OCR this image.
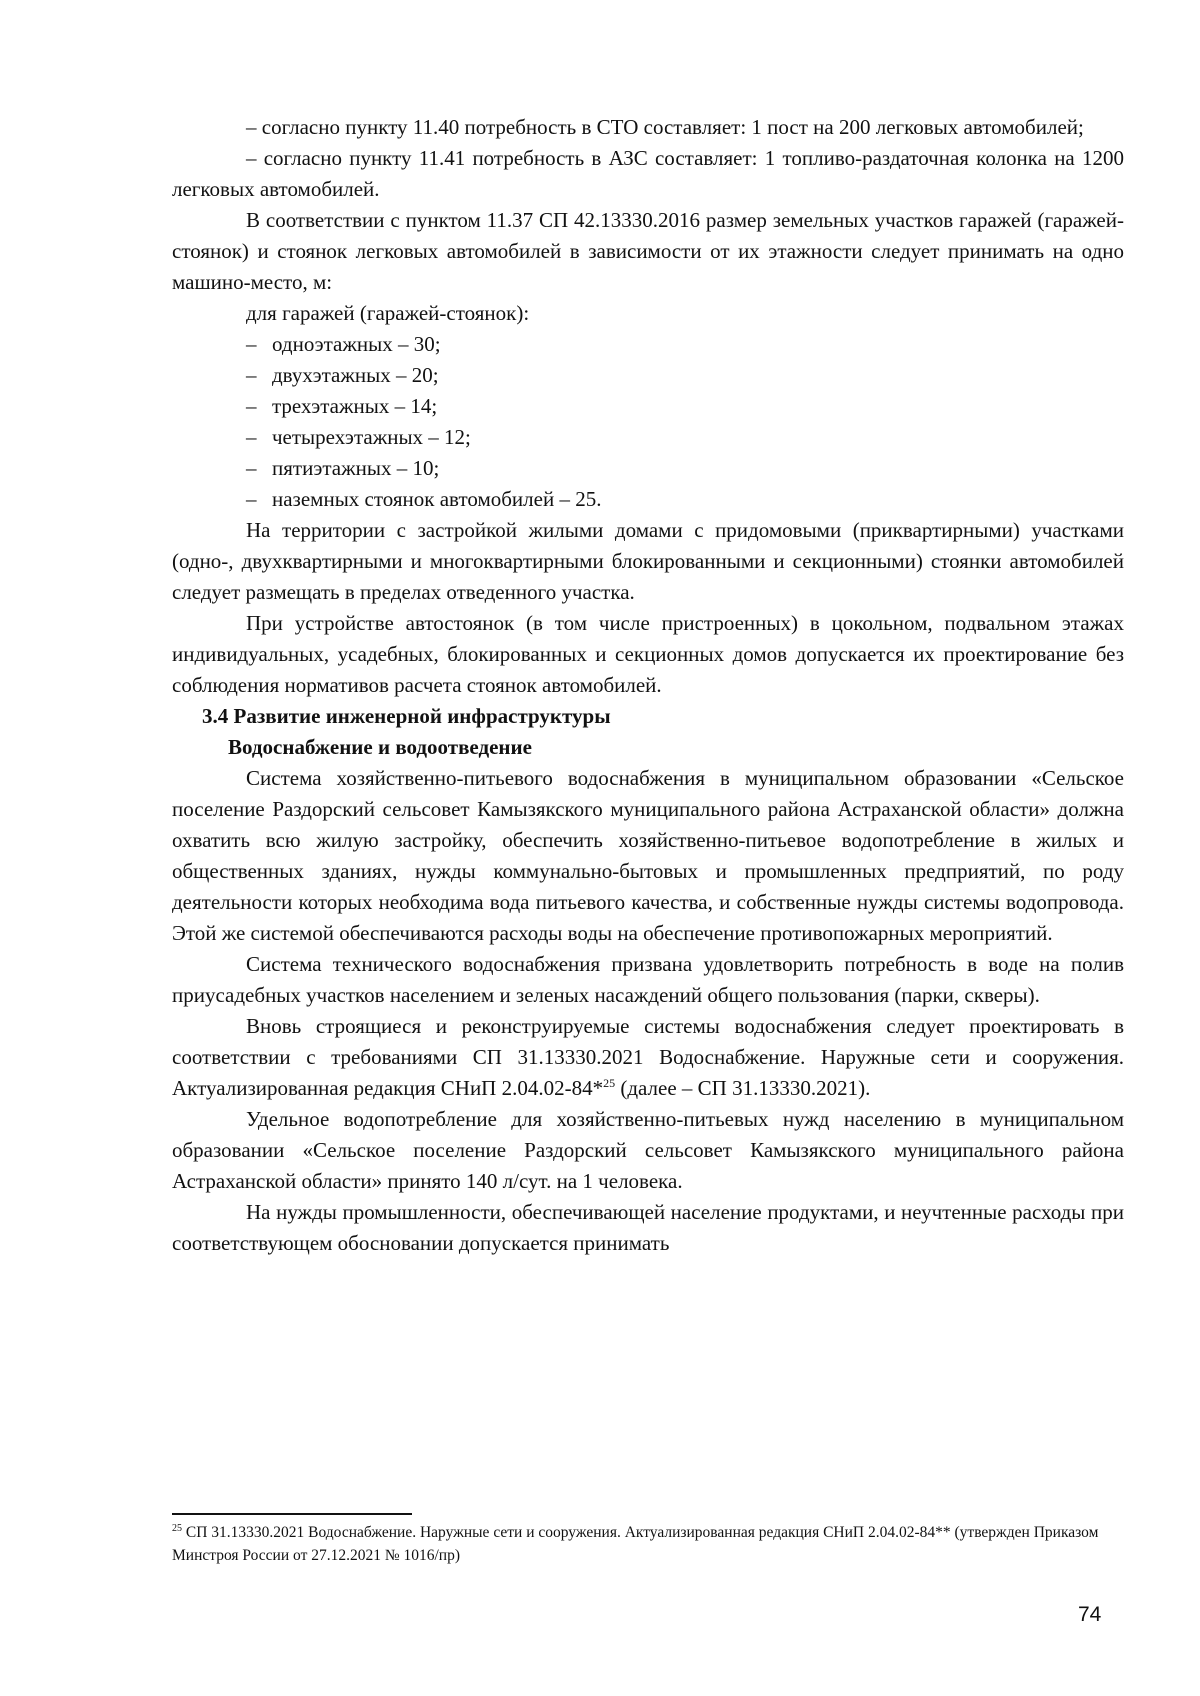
– согласно пункту 11.40 потребность в СТО составляет: 1 пост на 200 легковых автомобилей;

– согласно пункту 11.41 потребность в АЗС составляет: 1 топливо-раздаточная колонка на 1200 легковых автомобилей.

В соответствии с пунктом 11.37 СП 42.13330.2016 размер земельных участков гаражей (гаражей-стоянок) и стоянок легковых автомобилей в зависимости от их этажности следует принимать на одно машино-место, м:

для гаражей (гаражей-стоянок):

– одноэтажных – 30;
– двухэтажных – 20;
– трехэтажных – 14;
– четырехэтажных – 12;
– пятиэтажных – 10;
– наземных стоянок автомобилей – 25.

На территории с застройкой жилыми домами с придомовыми (приквартирными) участками (одно-, двухквартирными и многоквартирными блокированными и секционными) стоянки автомобилей следует размещать в пределах отведенного участка.

При устройстве автостоянок (в том числе пристроенных) в цокольном, подвальном этажах индивидуальных, усадебных, блокированных и секционных домов допускается их проектирование без соблюдения нормативов расчета стоянок автомобилей.

3.4 Развитие инженерной инфраструктуры

Водоснабжение и водоотведение

Система хозяйственно-питьевого водоснабжения в муниципальном образовании «Сельское поселение Раздорский сельсовет Камызякского муниципального района Астраханской области» должна охватить всю жилую застройку, обеспечить хозяйственно-питьевое водопотребление в жилых и общественных зданиях, нужды коммунально-бытовых и промышленных предприятий, по роду деятельности которых необходима вода питьевого качества, и собственные нужды системы водопровода. Этой же системой обеспечиваются расходы воды на обеспечение противопожарных мероприятий.

Система технического водоснабжения призвана удовлетворить потребность в воде на полив приусадебных участков населением и зеленых насаждений общего пользования (парки, скверы).

Вновь строящиеся и реконструируемые системы водоснабжения следует проектировать в соответствии с требованиями СП 31.13330.2021 Водоснабжение. Наружные сети и сооружения. Актуализированная редакция СНиП 2.04.02-84*$^{25}$ (далее – СП 31.13330.2021).

Удельное водопотребление для хозяйственно-питьевых нужд населению в муниципальном образовании «Сельское поселение Раздорский сельсовет Камызякского муниципального района Астраханской области» принято 140 л/сут. на 1 человека.

На нужды промышленности, обеспечивающей население продуктами, и неучтенные расходы при соответствующем обосновании допускается принимать

$^{25}$ СП 31.13330.2021 Водоснабжение. Наружные сети и сооружения. Актуализированная редакция СНиП 2.04.02-84** (утвержден Приказом Минстроя России от 27.12.2021 № 1016/пр)
74
